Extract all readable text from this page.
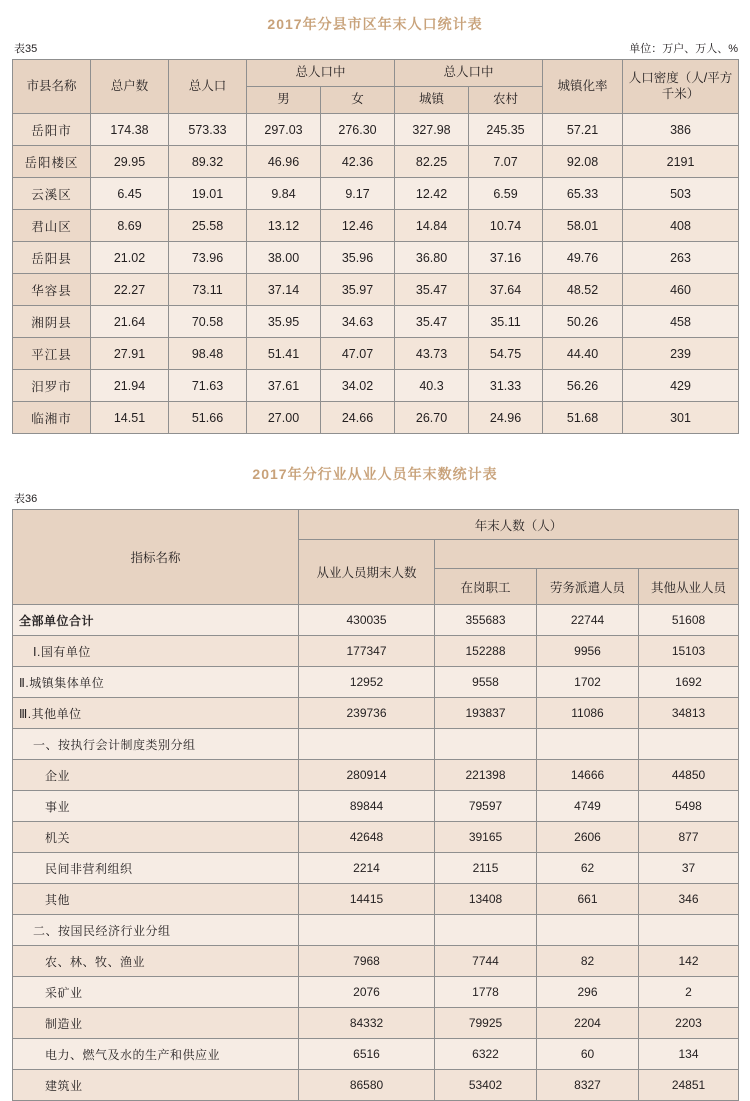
2017年分县市区年末人口统计表
表35	单位：万户、万人、%
市县名称	总户数	总人口	总人口中		总人口中		城镇化率	人口密度（人/平方千米）
			男	女	城镇	农村		
岳阳市	174.38	573.33	297.03	276.30	327.98	245.35	57.21	386
岳阳楼区	29.95	89.32	46.96	42.36	82.25	7.07	92.08	2191
云溪区	6.45	19.01	9.84	9.17	12.42	6.59	65.33	503
君山区	8.69	25.58	13.12	12.46	14.84	10.74	58.01	408
岳阳县	21.02	73.96	38.00	35.96	36.80	37.16	49.76	263
华容县	22.27	73.11	37.14	35.97	35.47	37.64	48.52	460
湘阴县	21.64	70.58	35.95	34.63	35.47	35.11	50.26	458
平江县	27.91	98.48	51.41	47.07	43.73	54.75	44.40	239
汨罗市	21.94	71.63	37.61	34.02	40.3	31.33	56.26	429
临湘市	14.51	51.66	27.00	24.66	26.70	24.96	51.68	301
2017年分行业从业人员年末数统计表
表36
指标名称	年末人数（人）			
	从业人员期末人数			
		在岗职工	劳务派遣人员	其他从业人员
全部单位合计	430035	355683	22744	51608
Ⅰ.国有单位	177347	152288	9956	15103
Ⅱ.城镇集体单位	12952	9558	1702	1692
Ⅲ.其他单位	239736	193837	11086	34813
一、按执行会计制度类别分组				
企业	280914	221398	14666	44850
事业	89844	79597	4749	5498
机关	42648	39165	2606	877
民间非营利组织	2214	2115	62	37
其他	14415	13408	661	346
二、按国民经济行业分组				
农、林、牧、渔业	7968	7744	82	142
采矿业	2076	1778	296	2
制造业	84332	79925	2204	2203
电力、燃气及水的生产和供应业	6516	6322	60	134
建筑业	86580	53402	8327	24851
